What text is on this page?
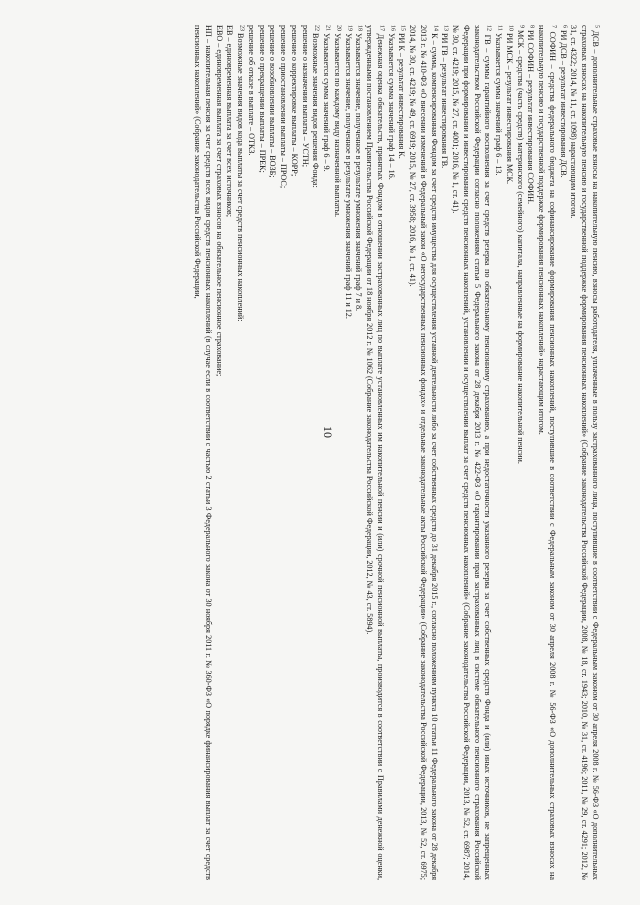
10

$^5$ ДСВ – дополнительные страховые взносы на накопительную пенсию, взносы работодателя, уплаченные в пользу застрахованного лица, поступившие в соответствии с Федеральным законом от 30 апреля 2008 г. № 56-ФЗ «О дополнительных страховых взносах на накопительную пенсию и государственной поддержке формирования пенсионных накоплений» (Собрание законодательства Российской Федерации, 2008, № 18, ст. 1943; 2010, № 31, ст. 4196; 2011, № 29, ст. 4291; 2012, № 31, ст. 4322; 2014, № 11, ст. 1098) нарастающим итогом.

$^6$ РИ ДСВ – результат инвестирования ДСВ.

$^7$ СОФИН – средства федерального бюджета на софинансирование формирования пенсионных накоплений, поступившие в соответствии с Федеральным законом от 30 апреля 2008 г. № 56-ФЗ «О дополнительных страховых взносах на накопительную пенсию и государственной поддержке формирования пенсионных накоплений» нарастающим итогом.

$^8$ РИ СОФИН – результат инвестирования СОФИН.

$^9$ МСК – средства (часть средств) материнского (семейного) капитала, направленные на формирование накопительной пенсии.

$^{10}$ РИ МСК – результат инвестирования МСК.

$^{11}$ Указывается сумма значений граф 6 – 13.

$^{12}$ ГВ – суммы гарантийного восполнения за счет средств резерва по обязательному пенсионному страхованию, а при недостаточности указанного резерва за счет собственных средств Фонда и (или) иных источников, не запрещенных законодательством Российской Федерации согласно положениям статьи 5 Федерального закона от 28 декабря 2013 г. № 422-ФЗ «О гарантировании прав застрахованных лиц в системе обязательного пенсионного страхования Российской Федерации при формировании и инвестировании средств пенсионных накоплений, установлении и осуществлении выплат за счет средств пенсионных накоплений» (Собрание законодательства Российской Федерации, 2013, № 52, ст. 6987; 2014, № 30, ст. 4219; 2015, № 27, ст. 4001; 2016, № 1, ст. 41).

$^{13}$ РИ ГВ – результат инвестирования ГВ.

$^{14}$ К – сумма, компенсированная Фондом за счет средств имущества для осуществления уставной деятельности либо за счет собственных средств до 31 декабря 2015 г., согласно положениям пункта 10 статьи 11 Федерального закона от 28 декабря 2013 г. № 410-ФЗ «О внесении изменений в Федеральный закон «О негосударственных пенсионных фондах» и отдельные законодательные акты Российской Федерации» (Собрание законодательства Российской Федерации, 2013, № 52, ст. 6975; 2014, № 30, ст. 4219; № 49, ст. 6919; 2015, № 27, ст. 3958; 2016, № 1, ст. 41).

$^{15}$ РИ К – результат инвестирования К.

$^{16}$ Указывается сумма значений граф 14 – 16.

$^{17}$ Денежная оценка обязательств, принятых Фондом в отношении застрахованных лиц по выплате установленных им накопительной пенсии и (или) срочной пенсионной выплаты, производится в соответствии с Правилами денежной оценки, утвержденными постановлением Правительства Российской Федерации от 18 ноября 2012 г. № 1062 (Собрание законодательства Российской Федерации, 2012, № 43, ст. 5894).

$^{18}$ Указывается значение, полученное в результате умножения значений граф 7 и 8.

$^{19}$ Указывается значение, полученное в результате умножения значений граф 11 и 12.

$^{20}$ Указывается по каждому виду назначенной выплаты.

$^{21}$ Указывается сумма значений граф 6 – 9.

$^{22}$ Возможные значения видов решения Фонда:

решение о назначении выплаты – УСТН;
решение о корректировке выплаты – КОРР;
решение о приостановлении выплаты – ПРОС;
решение о возобновлении выплаты – ВОЗБ;
решение о прекращении выплаты – ПРЕК;
решение об отказе в выплате – ОТКЗ.

$^{23}$ Возможные значения видов кода выплаты за счет средств пенсионных накоплений:

ЕВ – единовременная выплата за счет всех источников;
ЕВО – единовременная выплата за счет страховых взносов на обязательное пенсионное страхование;
НП – накопительная пенсия за счет средств всех видов средств пенсионных накоплений (в случае если в соответствии с частью 2 статьи 3 Федерального закона от 30 ноября 2011 г. № 360-ФЗ «О порядке финансирования выплат за счет средств пенсионных накоплений» (Собрание законодательства Российской Федерации,
